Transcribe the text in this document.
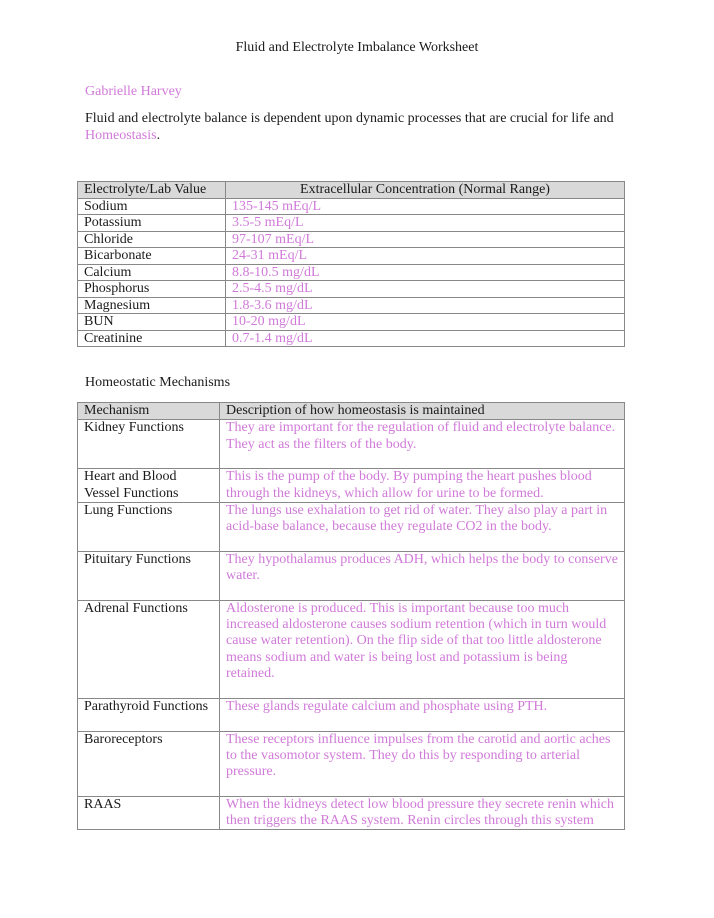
Fluid and Electrolyte Imbalance Worksheet
Gabrielle Harvey
Fluid and electrolyte balance is dependent upon dynamic processes that are crucial for life and Homeostasis.
Electrolyte/Lab Value	Extracellular Concentration (Normal Range)
Sodium	135-145 mEq/L
Potassium	3.5-5 mEq/L
Chloride	97-107 mEq/L
Bicarbonate	24-31 mEq/L
Calcium	8.8-10.5 mg/dL
Phosphorus	2.5-4.5 mg/dL
Magnesium	1.8-3.6 mg/dL
BUN	10-20 mg/dL
Creatinine	0.7-1.4 mg/dL
Homeostatic Mechanisms
Mechanism	Description of how homeostasis is maintained
Kidney Functions	They are important for the regulation of fluid and electrolyte balance. They act as the filters of the body.
Heart and Blood Vessel Functions	This is the pump of the body. By pumping the heart pushes blood through the kidneys, which allow for urine to be formed.
Lung Functions	The lungs use exhalation to get rid of water. They also play a part in acid-base balance, because they regulate CO2 in the body.
Pituitary Functions	They hypothalamus produces ADH, which helps the body to conserve water.
Adrenal Functions	Aldosterone is produced. This is important because too much increased aldosterone causes sodium retention (which in turn would cause water retention). On the flip side of that too little aldosterone means sodium and water is being lost and potassium is being retained.
Parathyroid Functions	These glands regulate calcium and phosphate using PTH.
Baroreceptors	These receptors influence impulses from the carotid and aortic aches to the vasomotor system. They do this by responding to arterial pressure.
RAAS	When the kidneys detect low blood pressure they secrete renin which then triggers the RAAS system. Renin circles through this system
